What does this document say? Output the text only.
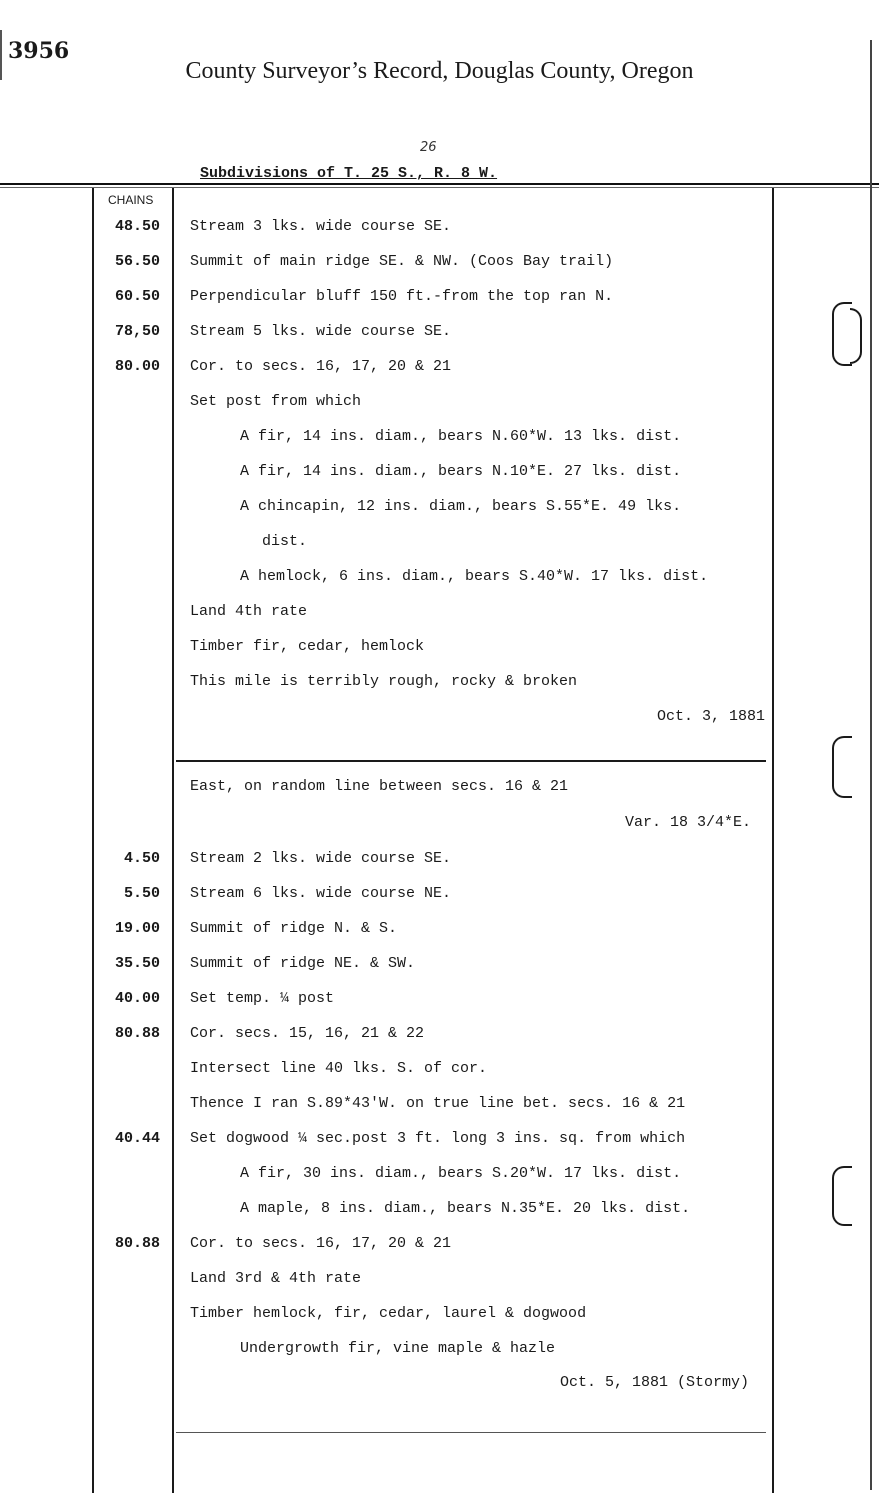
3956
County Surveyor’s Record, Douglas County, Oregon
26
Subdivisions of T. 25 S., R. 8 W.
CHAINS
48.50 Stream 3 lks. wide course SE.
56.50 Summit of main ridge SE. & NW. (Coos Bay trail)
60.50 Perpendicular bluff 150 ft.-from the top ran N.
78,50 Stream 5 lks. wide course SE.
80.00 Cor. to secs. 16, 17, 20 & 21
Set post from which
A fir, 14 ins. diam., bears N.60*W. 13 lks. dist.
A fir, 14 ins. diam., bears N.10*E. 27 lks. dist.
A chincapin, 12 ins. diam., bears S.55*E. 49 lks.
dist.
A hemlock, 6 ins. diam., bears S.40*W. 17 lks. dist.
Land 4th rate
Timber fir, cedar, hemlock
This mile is terribly rough, rocky & broken
Oct. 3, 1881
East, on random line between secs. 16 & 21
Var. 18 3/4*E.
4.50 Stream 2 lks. wide course SE.
5.50 Stream 6 lks. wide course NE.
19.00 Summit of ridge N. & S.
35.50 Summit of ridge NE. & SW.
40.00 Set temp. ¼ post
80.88 Cor. secs. 15, 16, 21 & 22
Intersect line 40 lks. S. of cor.
Thence I ran S.89*43'W. on true line bet. secs. 16 & 21
40.44 Set dogwood ¼ sec.post 3 ft. long 3 ins. sq. from which
A fir, 30 ins. diam., bears S.20*W. 17 lks. dist.
A maple, 8 ins. diam., bears N.35*E. 20 lks. dist.
80.88 Cor. to secs. 16, 17, 20 & 21
Land 3rd & 4th rate
Timber hemlock, fir, cedar, laurel & dogwood
Undergrowth fir, vine maple & hazle
Oct. 5, 1881 (Stormy)
